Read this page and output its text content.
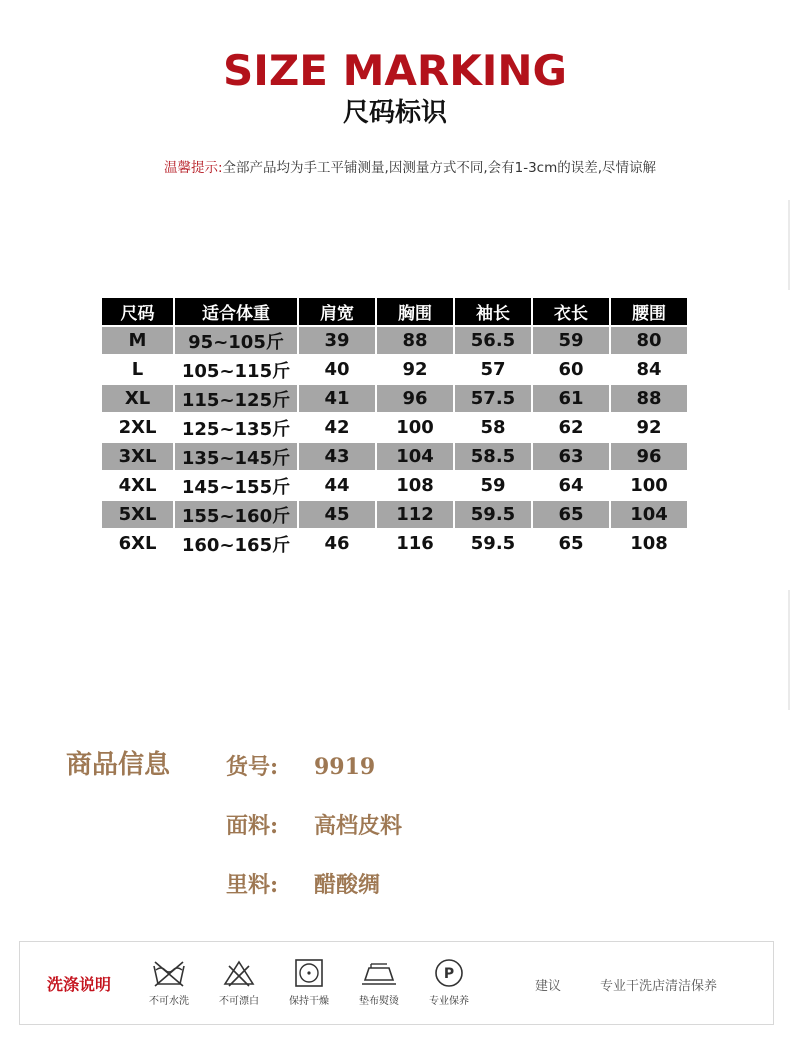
SIZE MARKING
尺码标识
温馨提示:全部产品均为手工平铺测量,因测量方式不同,会有1-3cm的误差,尽情谅解
尺码	适合体重	肩宽	胸围	袖长	衣长	腰围
M	95~105斤	39	88	56.5	59	80
L	105~115斤	40	92	57	60	84
XL	115~125斤	41	96	57.5	61	88
2XL	125~135斤	42	100	58	62	92
3XL	135~145斤	43	104	58.5	63	96
4XL	145~155斤	44	108	59	64	100
5XL	155~160斤	45	112	59.5	65	104
6XL	160~165斤	46	116	59.5	65	108
商品信息	货号: 9919
面料: 高档皮料
里料: 醋酸绸
洗涤说明
不可水洗	不可漂白	保持干燥	垫布熨烫
P
专业保养
建议	专业干洗店清洁保养
